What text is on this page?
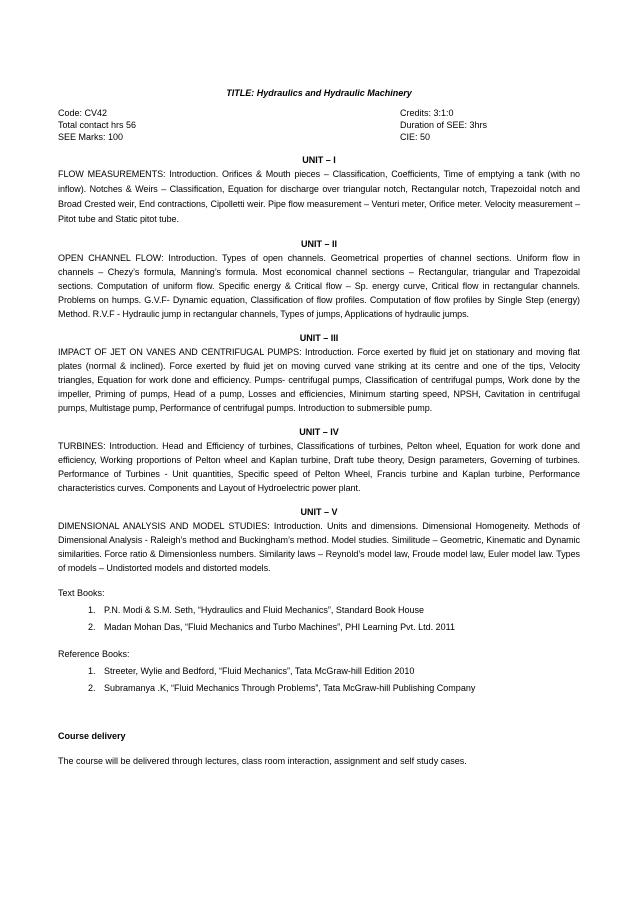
TITLE: Hydraulics and Hydraulic Machinery
Code: CV42	Credits: 3:1:0
Total contact hrs 56	Duration of SEE: 3hrs
SEE Marks: 100	CIE: 50
UNIT – I
FLOW MEASUREMENTS: Introduction. Orifices & Mouth pieces – Classification, Coefficients, Time of emptying a tank (with no inflow). Notches & Weirs – Classification, Equation for discharge over triangular notch, Rectangular notch, Trapezoidal notch and Broad Crested weir, End contractions, Cipolletti weir. Pipe flow measurement – Venturi meter, Orifice meter. Velocity measurement – Pitot tube and Static pitot tube.
UNIT – II
OPEN CHANNEL FLOW: Introduction. Types of open channels. Geometrical properties of channel sections. Uniform flow in channels – Chezy’s formula, Manning’s formula. Most economical channel sections – Rectangular, triangular and Trapezoidal sections. Computation of uniform flow. Specific energy & Critical flow – Sp. energy curve, Critical flow in rectangular channels. Problems on humps. G.V.F- Dynamic equation, Classification of flow profiles. Computation of flow profiles by Single Step (energy) Method. R.V.F - Hydraulic jump in rectangular channels, Types of jumps, Applications of hydraulic jumps.
UNIT – III
IMPACT OF JET ON VANES AND CENTRIFUGAL PUMPS: Introduction. Force exerted by fluid jet on stationary and moving flat plates (normal & inclined). Force exerted by fluid jet on moving curved vane striking at its centre and one of the tips, Velocity triangles, Equation for work done and efficiency. Pumps- centrifugal pumps, Classification of centrifugal pumps, Work done by the impeller, Priming of pumps, Head of a pump, Losses and efficiencies, Minimum starting speed, NPSH, Cavitation in centrifugal pumps, Multistage pump, Performance of centrifugal pumps. Introduction to submersible pump.
UNIT – IV
TURBINES: Introduction. Head and Efficiency of turbines, Classifications of turbines, Pelton wheel, Equation for work done and efficiency, Working proportions of Pelton wheel and Kaplan turbine, Draft tube theory, Design parameters, Governing of turbines. Performance of Turbines - Unit quantities, Specific speed of Pelton Wheel, Francis turbine and Kaplan turbine, Performance characteristics curves. Components and Layout of Hydroelectric power plant.
UNIT – V
DIMENSIONAL ANALYSIS AND MODEL STUDIES: Introduction. Units and dimensions. Dimensional Homogeneity. Methods of Dimensional Analysis - Raleigh’s method and Buckingham’s method. Model studies. Similitude – Geometric, Kinematic and Dynamic similarities. Force ratio & Dimensionless numbers. Similarity laws – Reynold’s model law, Froude model law, Euler model law. Types of models – Undistorted models and distorted models.
Text Books:
1. P.N. Modi & S.M. Seth, “Hydraulics and Fluid Mechanics”, Standard Book House
2. Madan Mohan Das, “Fluid Mechanics and Turbo Machines”, PHI Learning Pvt. Ltd. 2011
Reference Books:
1. Streeter, Wylie and Bedford, “Fluid Mechanics”, Tata McGraw-hill Edition 2010
2. Subramanya .K, “Fluid Mechanics Through Problems”, Tata McGraw-hill Publishing Company
Course delivery
The course will be delivered through lectures, class room interaction, assignment and self study cases.
